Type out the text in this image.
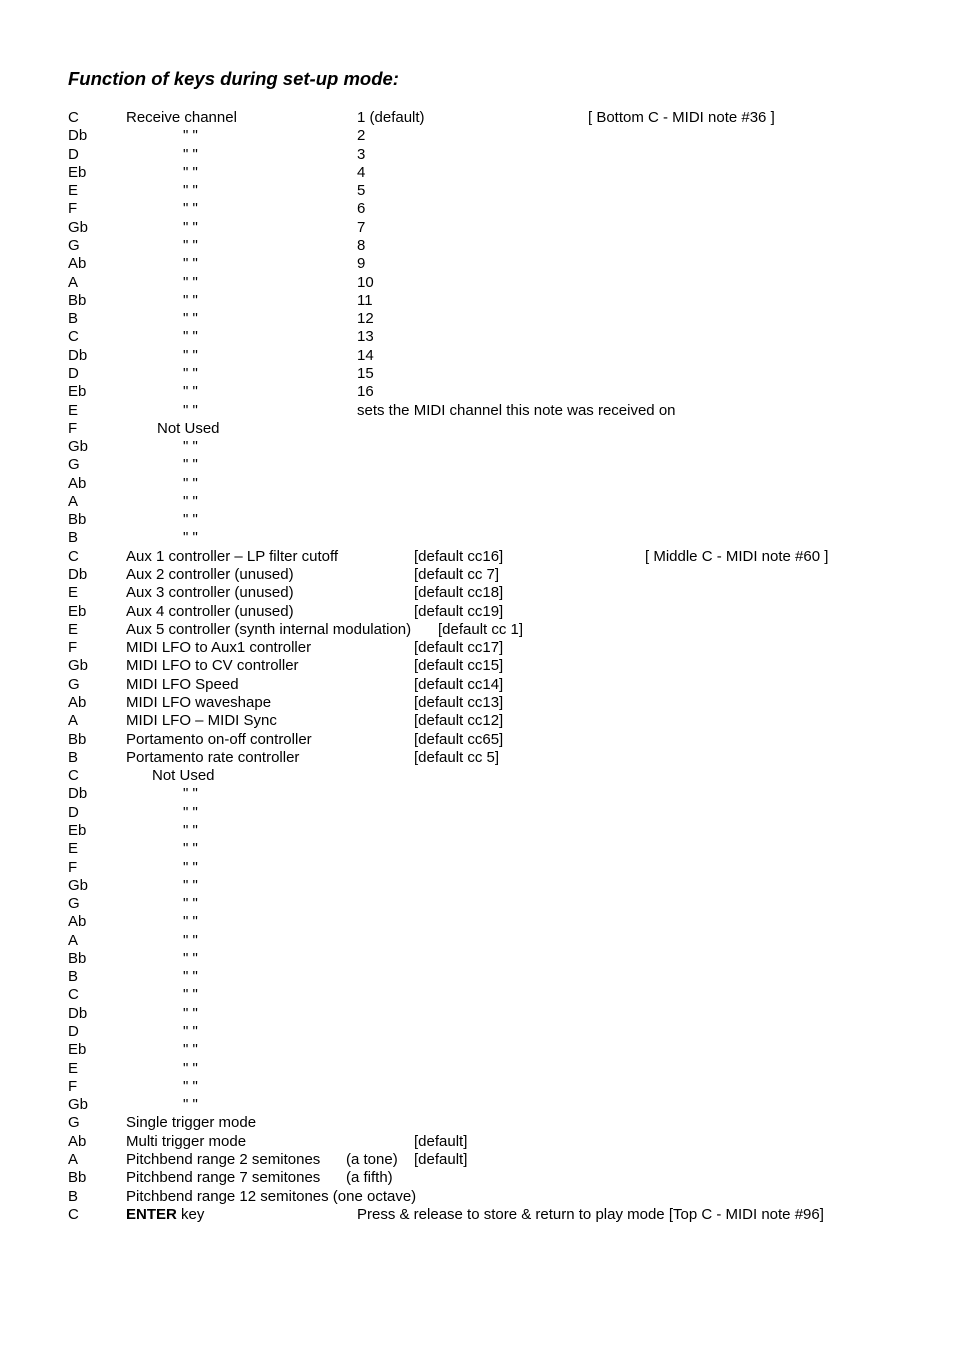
Function of keys during set-up mode:
C	Receive channel	1 (default)	[ Bottom C - MIDI note #36 ]
Db	" "	2
D	" "	3
Eb	" "	4
E	" "	5
F	" "	6
Gb	" "	7
G	" "	8
Ab	" "	9
A	" "	10
Bb	" "	11
B	" "	12
C	" "	13
Db	" "	14
D	" "	15
Eb	" "	16
E	" "	sets the MIDI channel this note was received on
F	Not Used
Gb	" "
G	" "
Ab	" "
A	" "
Bb	" "
B	" "
C	Aux 1 controller – LP filter cutoff	[default cc16]	[ Middle C - MIDI note #60 ]
Db	Aux 2 controller (unused)	[default cc 7]
E	Aux 3 controller (unused)	[default cc18]
Eb	Aux 4 controller (unused)	[default cc19]
E	Aux 5 controller (synth internal modulation) [default cc 1]
F	MIDI LFO to Aux1 controller	[default cc17]
Gb	MIDI LFO to CV controller	[default cc15]
G	MIDI LFO Speed	[default cc14]
Ab	MIDI LFO waveshape	[default cc13]
A	MIDI LFO – MIDI Sync	[default cc12]
Bb	Portamento on-off controller	[default cc65]
B	Portamento rate controller	[default cc 5]
C	Not Used
Db	" "
D	" "
Eb	" "
E	" "
F	" "
Gb	" "
G	" "
Ab	" "
A	" "
Bb	" "
B	" "
C	" "
Db	" "
D	" "
Eb	" "
E	" "
F	" "
Gb	" "
G	Single trigger mode
Ab	Multi trigger mode	[default]
A	Pitchbend range 2 semitones (a tone) [default]
Bb	Pitchbend range 7 semitones (a fifth)
B	Pitchbend range 12 semitones (one octave)
C	ENTER key	Press & release to store & return to play mode [Top C - MIDI note #96]
